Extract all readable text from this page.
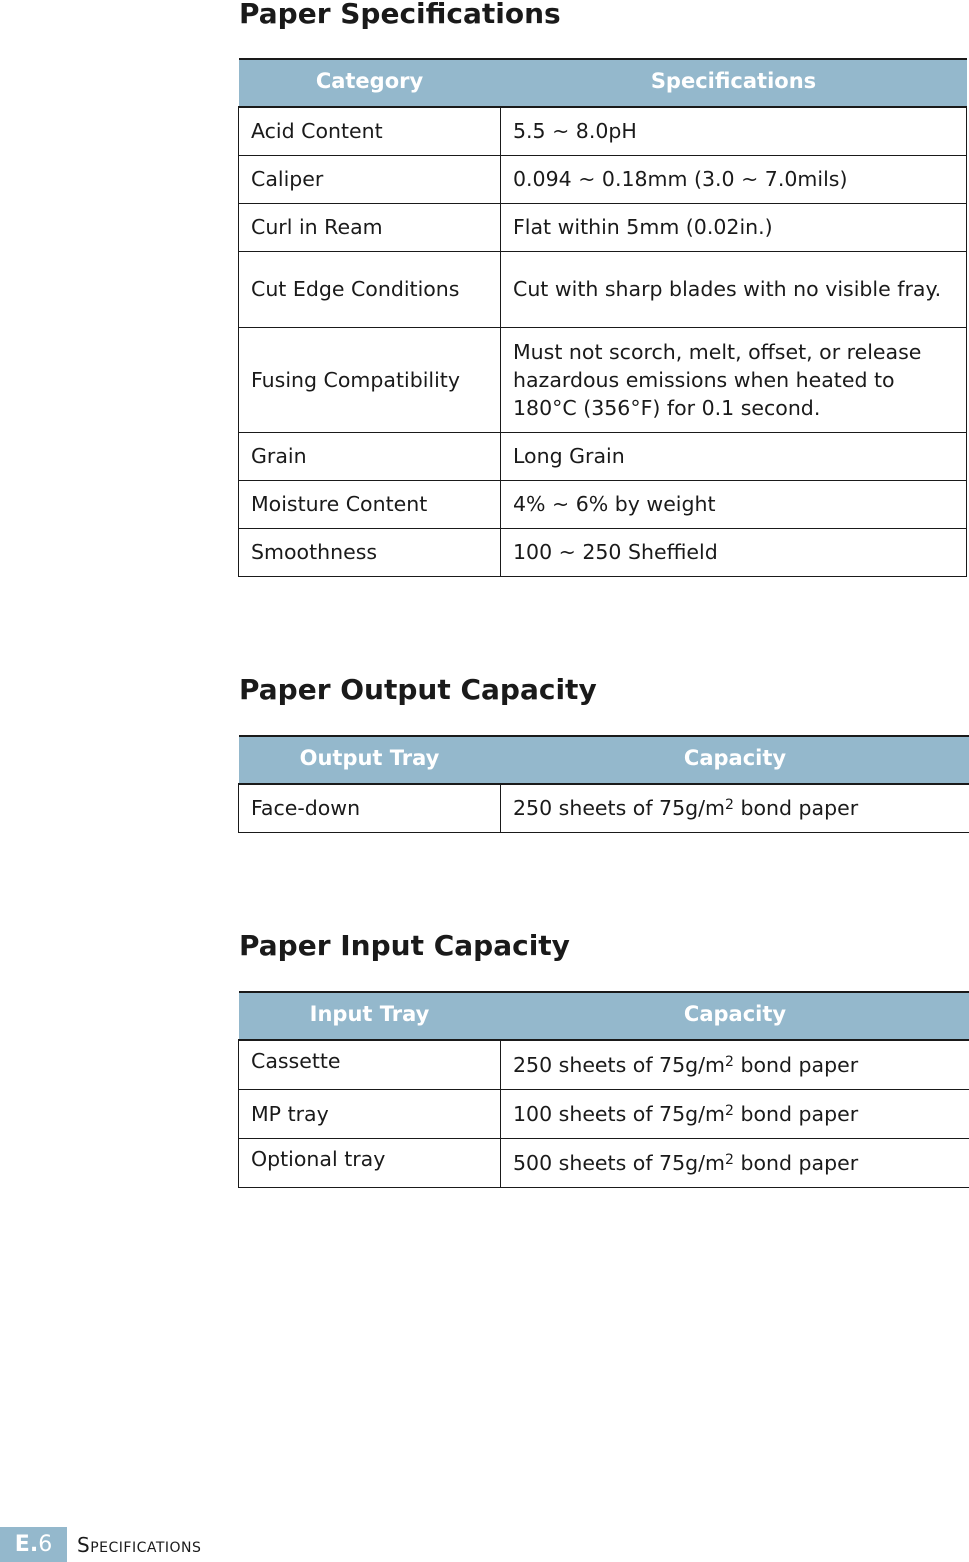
Paper Specifications
Category	Specifications
Acid Content	5.5 ~ 8.0pH
Caliper	0.094 ~ 0.18mm (3.0 ~ 7.0mils)
Curl in Ream	Flat within 5mm (0.02in.)
Cut Edge Conditions	Cut with sharp blades with no visible fray.
Fusing Compatibility	Must not scorch, melt, offset, or release hazardous emissions when heated to 180°C (356°F) for 0.1 second.
Grain	Long Grain
Moisture Content	4% ~ 6% by weight
Smoothness	100 ~ 250 Sheffield
Paper Output Capacity
Output Tray	Capacity
Face-down	250 sheets of $75g/m^2$ bond paper
Paper Input Capacity
Input Tray	Capacity
Cassette	250 sheets of $75g/m^2$ bond paper
MP tray	100 sheets of $75g/m^2$ bond paper
Optional tray	500 sheets of $75g/m^2$ bond paper
E. 6	Specifications
